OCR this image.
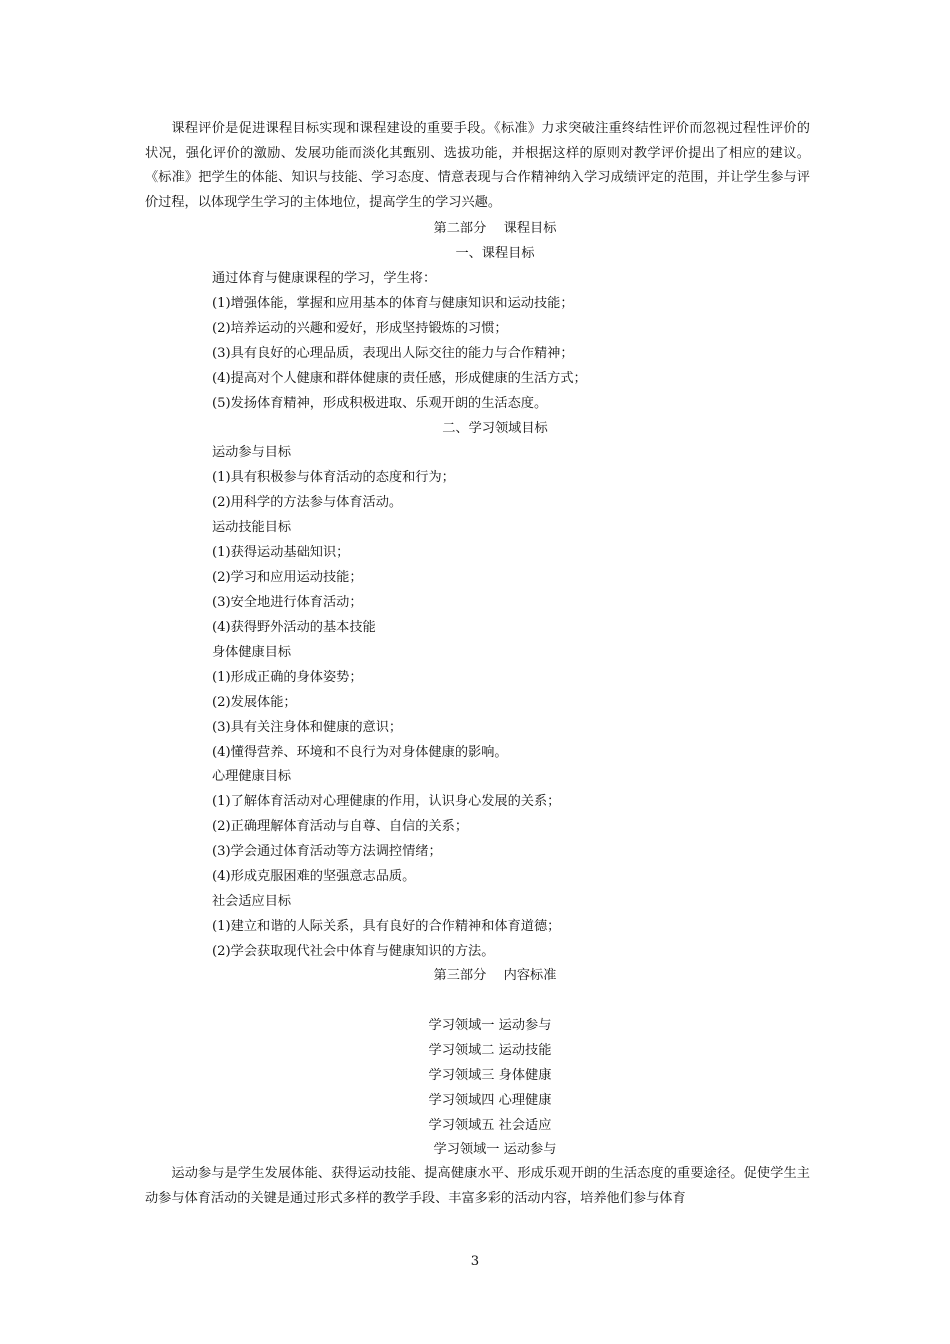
课程评价是促进课程目标实现和课程建设的重要手段。《标准》力求突破注重终结性评价而忽视过程性评价的状况，强化评价的激励、发展功能而淡化其甄别、选拔功能，并根据这样的原则对教学评价提出了相应的建议。《标准》把学生的体能、知识与技能、学习态度、情意表现与合作精神纳入学习成绩评定的范围，并让学生参与评价过程，以体现学生学习的主体地位，提高学生的学习兴趣。

第二部分　 课程目标
一、课程目标
通过体育与健康课程的学习，学生将：
(1)增强体能，掌握和应用基本的体育与健康知识和运动技能；
(2)培养运动的兴趣和爱好，形成坚持锻炼的习惯；
(3)具有良好的心理品质，表现出人际交往的能力与合作精神；
(4)提高对个人健康和群体健康的责任感，形成健康的生活方式；
(5)发扬体育精神，形成积极进取、乐观开朗的生活态度。
二、学习领域目标
运动参与目标
(1)具有积极参与体育活动的态度和行为；
(2)用科学的方法参与体育活动。
运动技能目标
(1)获得运动基础知识；
(2)学习和应用运动技能；
(3)安全地进行体育活动；
(4)获得野外活动的基本技能
身体健康目标
(1)形成正确的身体姿势；
(2)发展体能；
(3)具有关注身体和健康的意识；
(4)懂得营养、环境和不良行为对身体健康的影响。
心理健康目标
(1)了解体育活动对心理健康的作用，认识身心发展的关系；
(2)正确理解体育活动与自尊、自信的关系；
(3)学会通过体育活动等方法调控情绪；
(4)形成克服困难的坚强意志品质。
社会适应目标
(1)建立和谐的人际关系，具有良好的合作精神和体育道德；
(2)学会获取现代社会中体育与健康知识的方法。
第三部分　 内容标准
学习领域一 运动参与
学习领域二 运动技能
学习领域三 身体健康
学习领域四 心理健康
学习领域五 社会适应
学习领域一 运动参与

运动参与是学生发展体能、获得运动技能、提高健康水平、形成乐观开朗的生活态度的重要途径。促使学生主动参与体育活动的关键是通过形式多样的教学手段、丰富多彩的活动内容，培养他们参与体育

3
